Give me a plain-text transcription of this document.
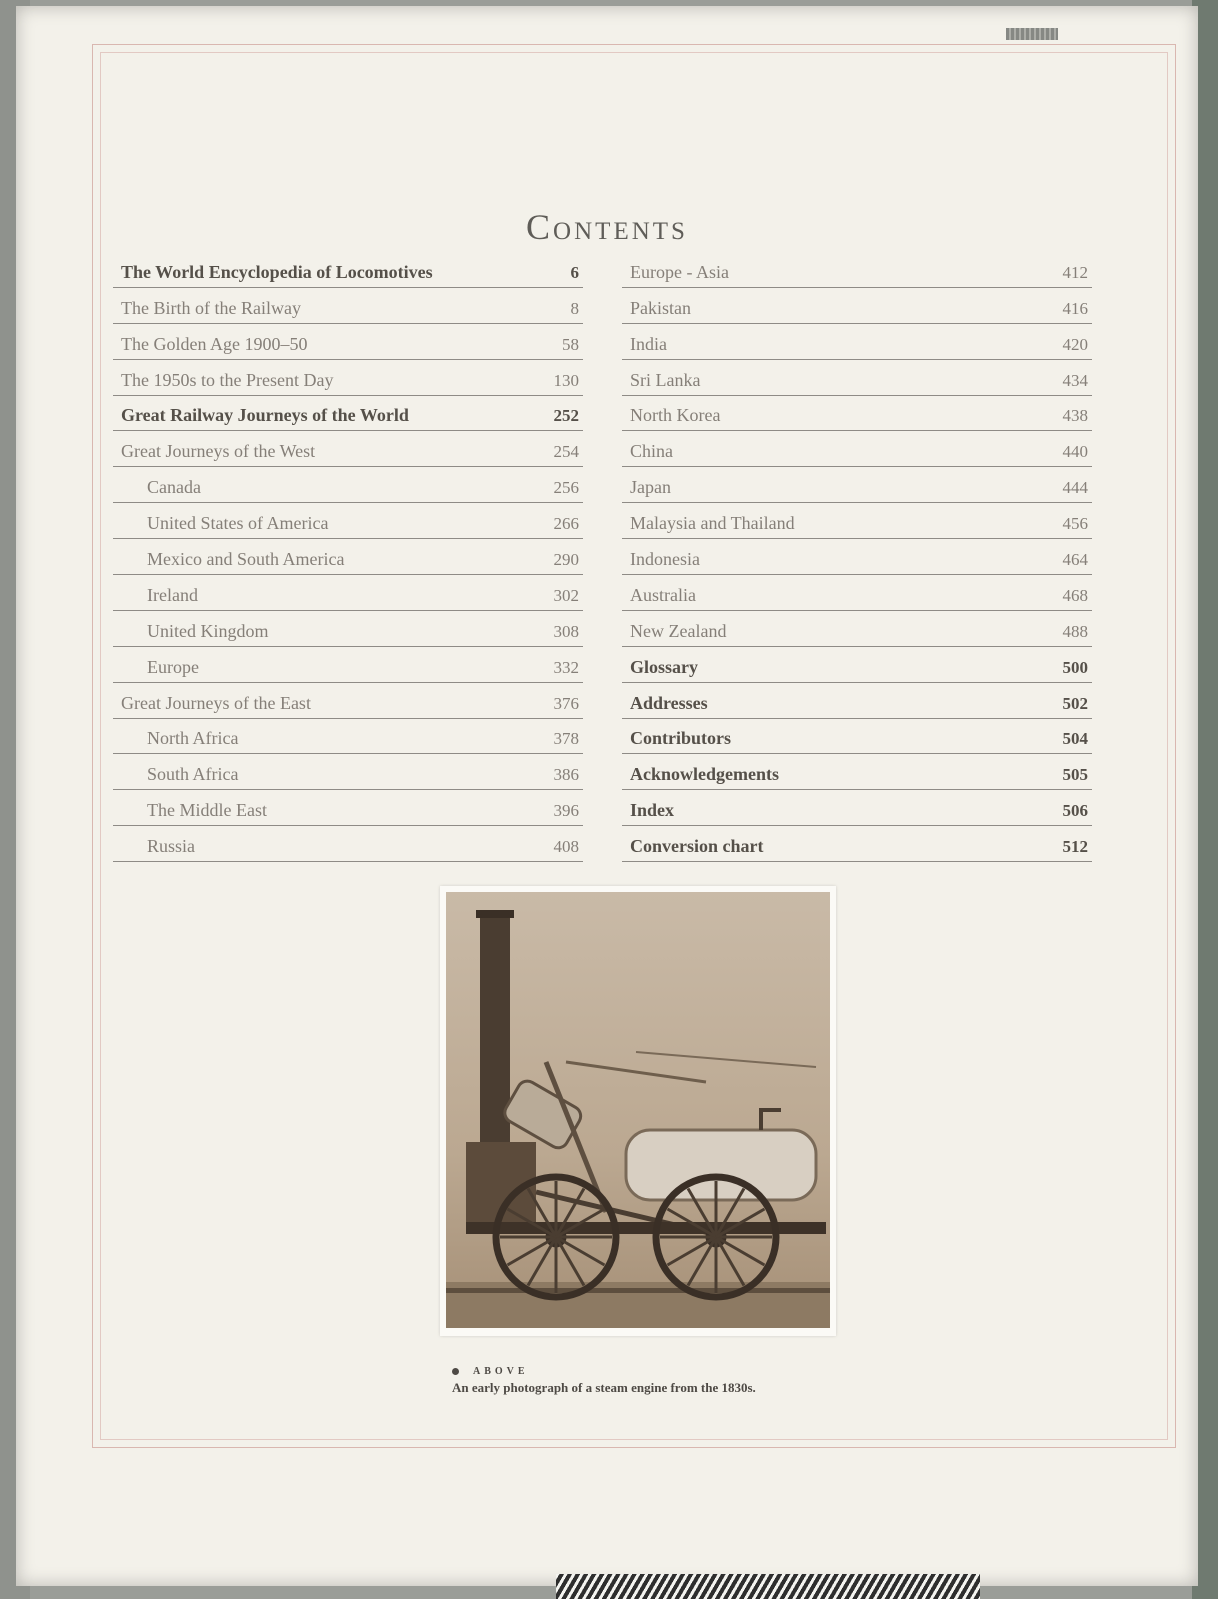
Contents
The World Encyclopedia of Locomotives	6
The Birth of the Railway	8
The Golden Age 1900–50	58
The 1950s to the Present Day	130
Great Railway Journeys of the World	252
Great Journeys of the West	254
Canada	256
United States of America	266
Mexico and South America	290
Ireland	302
United Kingdom	308
Europe	332
Great Journeys of the East	376
North Africa	378
South Africa	386
The Middle East	396
Russia	408
Europe - Asia	412
Pakistan	416
India	420
Sri Lanka	434
North Korea	438
China	440
Japan	444
Malaysia and Thailand	456
Indonesia	464
Australia	468
New Zealand	488
Glossary	500
Addresses	502
Contributors	504
Acknowledgements	505
Index	506
Conversion chart	512
ABOVE
An early photograph of a steam engine from the 1830s.
